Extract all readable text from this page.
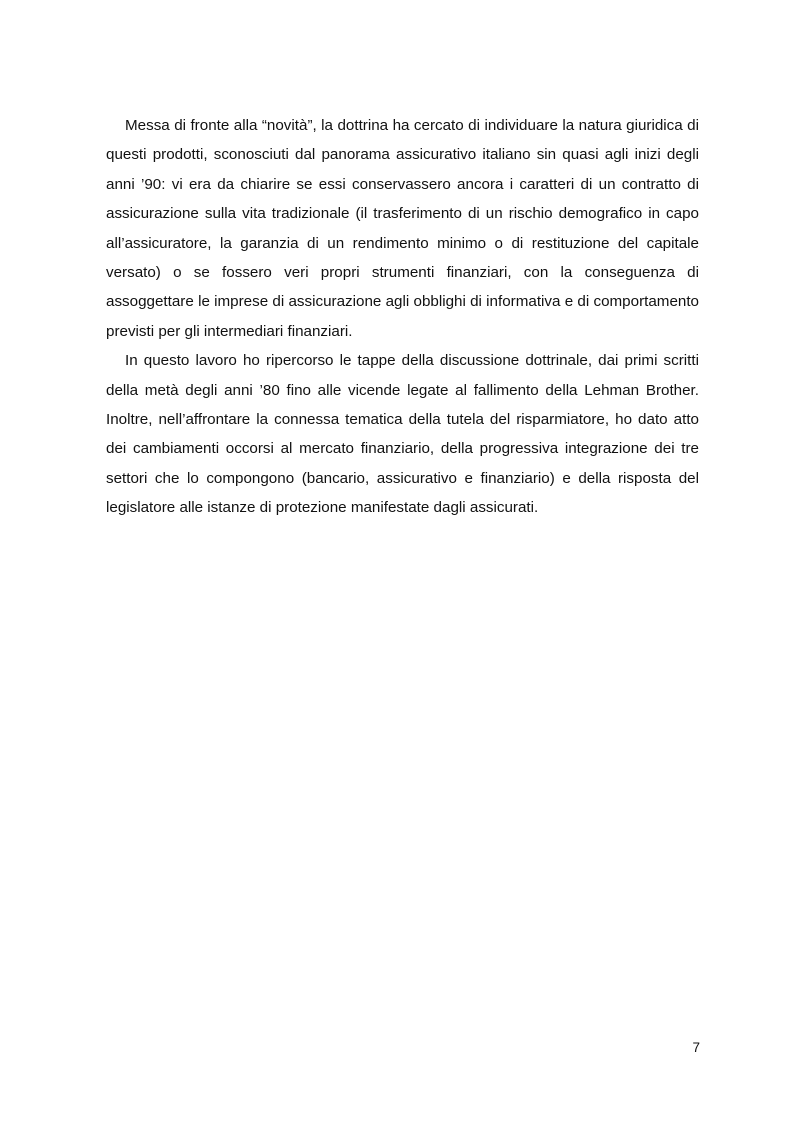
Messa di fronte alla “novità”, la dottrina ha cercato di individuare la natura giuridica di questi prodotti, sconosciuti dal panorama assicurativo italiano sin quasi agli inizi degli anni ’90: vi era da chiarire se essi conservassero ancora i caratteri di un contratto di assicurazione sulla vita tradizionale (il trasferimento di un rischio demografico in capo all’assicuratore, la garanzia di un rendimento minimo o di restituzione del capitale versato) o se fossero veri propri strumenti finanziari, con la conseguenza di assoggettare le imprese di assicurazione agli obblighi di informativa e di comportamento previsti per gli intermediari finanziari.

In questo lavoro ho ripercorso le tappe della discussione dottrinale, dai primi scritti della metà degli anni ’80 fino alle vicende legate al fallimento della Lehman Brother. Inoltre, nell’affrontare la connessa tematica della tutela del risparmiatore, ho dato atto dei cambiamenti occorsi al mercato finanziario, della progressiva integrazione dei tre settori che lo compongono (bancario, assicurativo e finanziario) e della risposta del legislatore alle istanze di protezione manifestate dagli assicurati.

7
